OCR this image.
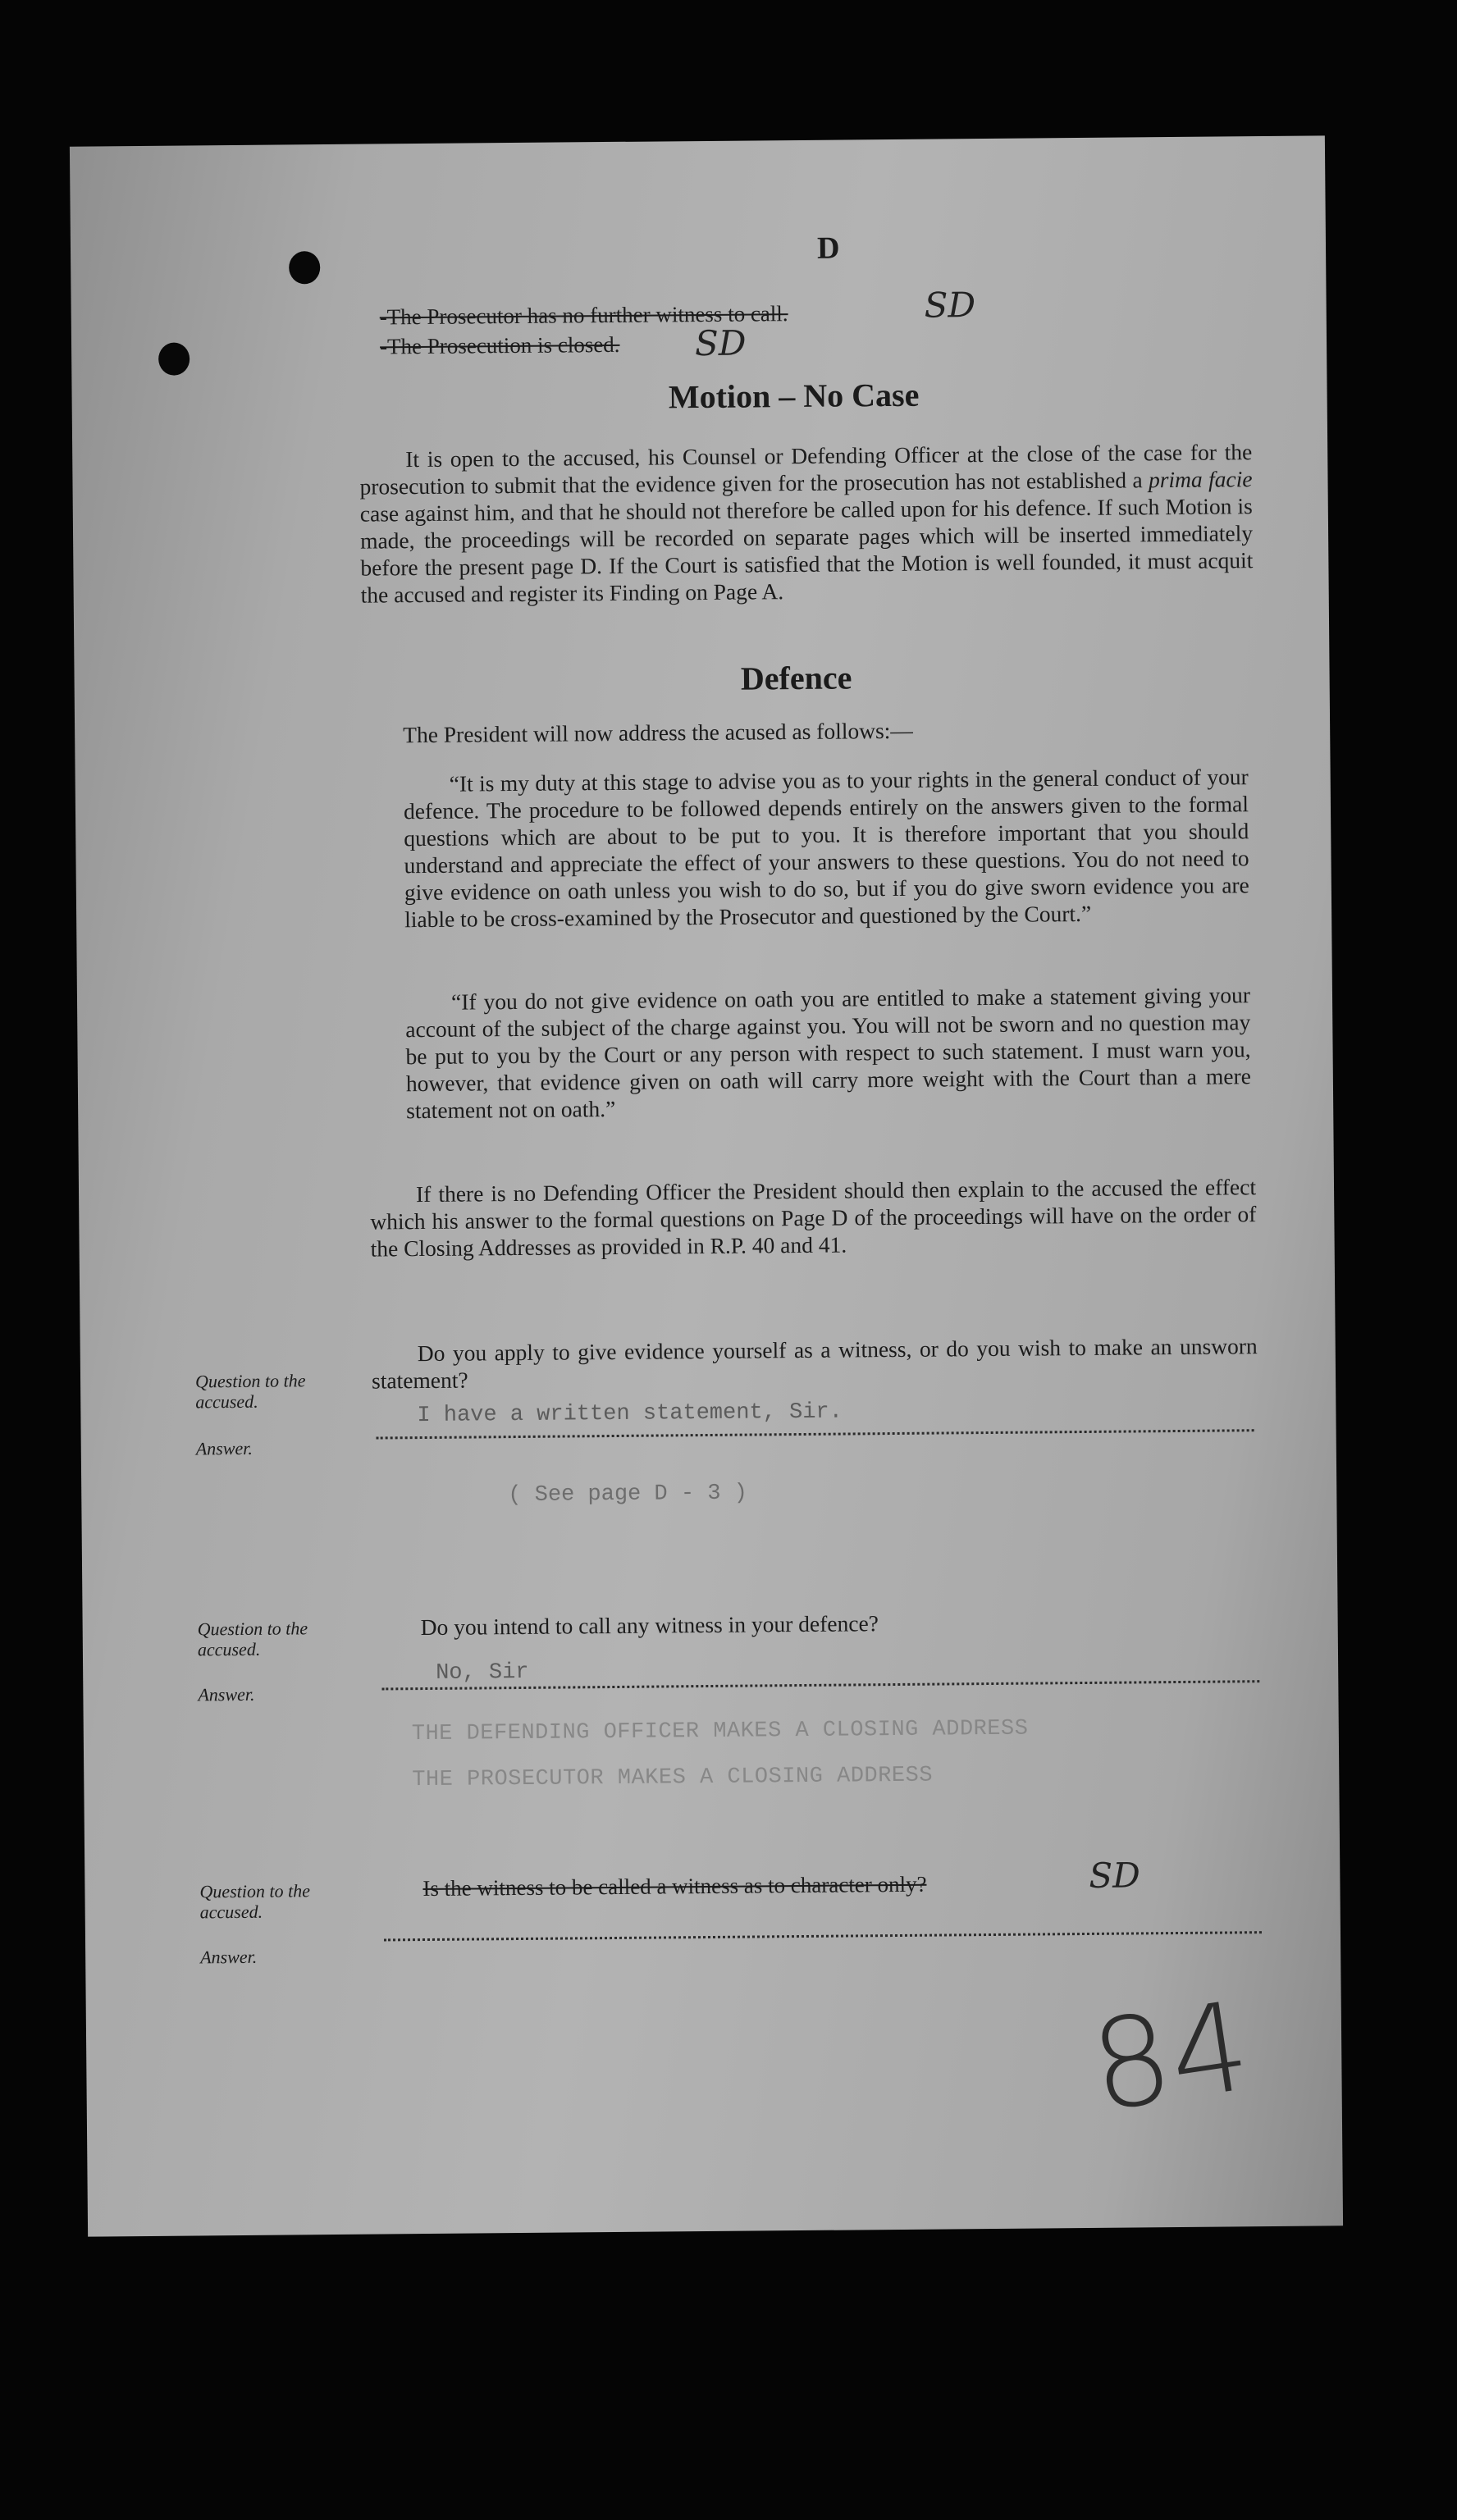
D
-The Prosecutor has no further witness to call.	SD
-The Prosecution is closed. SD
Motion – No Case

It is open to the accused, his Counsel or Defending Officer at the close of the case for the prosecution to submit that the evidence given for the prosecution has not established a prima facie case against him, and that he should not therefore be called upon for his defence. If such Motion is made, the proceedings will be recorded on separate pages which will be inserted immediately before the present page D. If the Court is satisfied that the Motion is well founded, it must acquit the accused and register its Finding on Page A.

Defence

The President will now address the acused as follows:—

“It is my duty at this stage to advise you as to your rights in the general conduct of your defence. The procedure to be followed depends entirely on the answers given to the formal questions which are about to be put to you. It is therefore important that you should understand and appreciate the effect of your answers to these questions. You do not need to give evidence on oath unless you wish to do so, but if you do give sworn evidence you are liable to be cross-examined by the Prosecutor and questioned by the Court.”

“If you do not give evidence on oath you are entitled to make a statement giving your account of the subject of the charge against you. You will not be sworn and no question may be put to you by the Court or any person with respect to such statement. I must warn you, however, that evidence given on oath will carry more weight with the Court than a mere statement not on oath.”

If there is no Defending Officer the President should then explain to the accused the effect which his answer to the formal questions on Page D of the proceedings will have on the order of the Closing Addresses as provided in R.P. 40 and 41.

Question to the accused.
Answer.

Do you apply to give evidence yourself as a witness, or do you wish to make an unsworn statement?

I have a written statement, Sir.
( See page D - 3 )
Question to the accused.
Answer.

Do you intend to call any witness in your defence?

No, Sir
THE DEFENDING OFFICER MAKES A CLOSING ADDRESS
THE PROSECUTOR MAKES A CLOSING ADDRESS
Question to the accused.
Answer.
Is the witness to be called a witness as to character only?	SD
84
